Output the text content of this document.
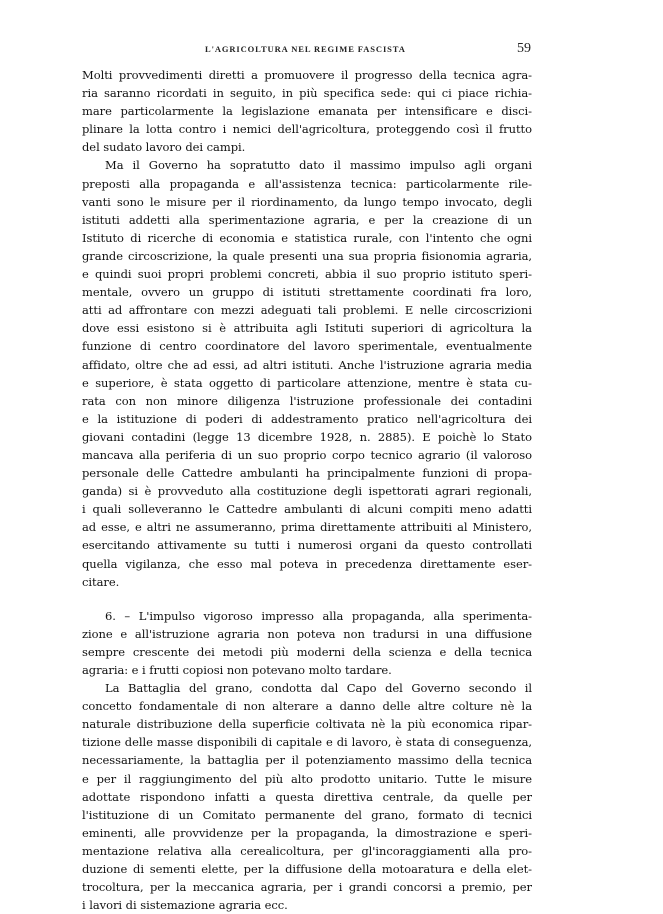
L'AGRICOLTURA NEL REGIME FASCISTA	59
Molti provvedimenti diretti a promuovere il progresso della tecnica agra-
ria saranno ricordati in seguito, in più specifica sede: qui ci piace richia-
mare particolarmente la legislazione emanata per intensificare e disci-
plinare la lotta contro i nemici dell'agricoltura, proteggendo così il frutto
del sudato lavoro dei campi.
Ma il Governo ha sopratutto dato il massimo impulso agli organi
preposti alla propaganda e all'assistenza tecnica: particolarmente rile-
vanti sono le misure per il riordinamento, da lungo tempo invocato, degli
istituti addetti alla sperimentazione agraria, e per la creazione di un
Istituto di ricerche di economia e statistica rurale, con l'intento che ogni
grande circoscrizione, la quale presenti una sua propria fisionomia agraria,
e quindi suoi propri problemi concreti, abbia il suo proprio istituto speri-
mentale, ovvero un gruppo di istituti strettamente coordinati fra loro,
atti ad affrontare con mezzi adeguati tali problemi. E nelle circoscrizioni
dove essi esistono si è attribuita agli Istituti superiori di agricoltura la
funzione di centro coordinatore del lavoro sperimentale, eventualmente
affidato, oltre che ad essi, ad altri istituti. Anche l'istruzione agraria media
e superiore, è stata oggetto di particolare attenzione, mentre è stata cu-
rata con non minore diligenza l'istruzione professionale dei contadini
e la istituzione di poderi di addestramento pratico nell'agricoltura dei
giovani contadini (legge 13 dicembre 1928, n. 2885). E poichè lo Stato
mancava alla periferia di un suo proprio corpo tecnico agrario (il valoroso
personale delle Cattedre ambulanti ha principalmente funzioni di propa-
ganda) si è provveduto alla costituzione degli ispettorati agrari regionali,
i quali solleveranno le Cattedre ambulanti di alcuni compiti meno adatti
ad esse, e altri ne assumeranno, prima direttamente attribuiti al Ministero,
esercitando attivamente su tutti i numerosi organi da questo controllati
quella vigilanza, che esso mal poteva in precedenza direttamente eser-
citare.
6. – L'impulso vigoroso impresso alla propaganda, alla sperimenta-
zione e all'istruzione agraria non poteva non tradursi in una diffusione
sempre crescente dei metodi più moderni della scienza e della tecnica
agraria: e i frutti copiosi non potevano molto tardare.
La Battaglia del grano, condotta dal Capo del Governo secondo il
concetto fondamentale di non alterare a danno delle altre colture nè la
naturale distribuzione della superficie coltivata nè la più economica ripar-
tizione delle masse disponibili di capitale e di lavoro, è stata di conseguenza,
necessariamente, la battaglia per il potenziamento massimo della tecnica
e per il raggiungimento del più alto prodotto unitario. Tutte le misure
adottate rispondono infatti a questa direttiva centrale, da quelle per
l'istituzione di un Comitato permanente del grano, formato di tecnici
eminenti, alle provvidenze per la propaganda, la dimostrazione e speri-
mentazione relativa alla cerealicoltura, per gl'incoraggiamenti alla pro-
duzione di sementi elette, per la diffusione della motoaratura e della elet-
trocoltura, per la meccanica agraria, per i grandi concorsi a premio, per
i lavori di sistemazione agraria ecc.
